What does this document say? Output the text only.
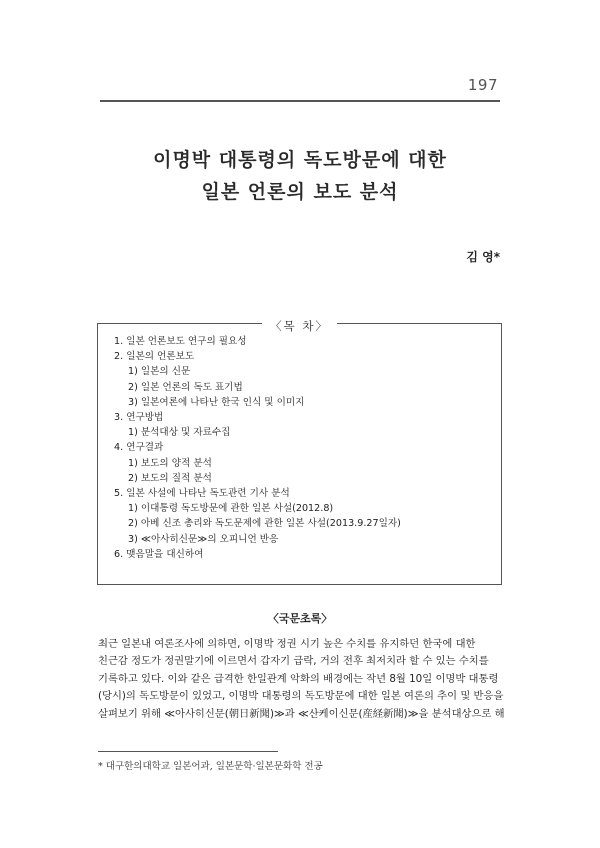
197
이명박 대통령의 독도방문에 대한
일본 언론의 보도 분석
김 영*
〈목 차〉
1. 일본 언론보도 연구의 필요성
2. 일본의 언론보도
1) 일본의 신문
2) 일본 언론의 독도 표기법
3) 일본여론에 나타난 한국 인식 및 이미지
3. 연구방법
1) 분석대상 및 자료수집
4. 연구결과
1) 보도의 양적 분석
2) 보도의 질적 분석
5. 일본 사설에 나타난 독도관련 기사 분석
1) 이대통령 독도방문에 관한 일본 사설(2012.8)
2) 아베 신조 총리와 독도문제에 관한 일본 사설(2013.9.27일자)
3) ≪아사히신문≫의 오피니언 반응
6. 맺음말을 대신하여
〈국문초록〉

최근 일본내 여론조사에 의하면, 이명박 정권 시기 높은 수치를 유지하던 한국에 대한

친근감 정도가 정권말기에 이르면서 갑자기 급락, 거의 전후 최저치라 할 수 있는 수치를

기록하고 있다. 이와 같은 급격한 한일관계 악화의 배경에는 작년 8월 10일 이명박 대통령

(당시)의 독도방문이 있었고, 이명박 대통령의 독도방문에 대한 일본 여론의 추이 및 반응을

살펴보기 위해 ≪아사히신문(朝日新聞)≫과 ≪산케이신문(産経新聞)≫을 분석대상으로 해

* 대구한의대학교 일본어과, 일본문학·일본문화학 전공
